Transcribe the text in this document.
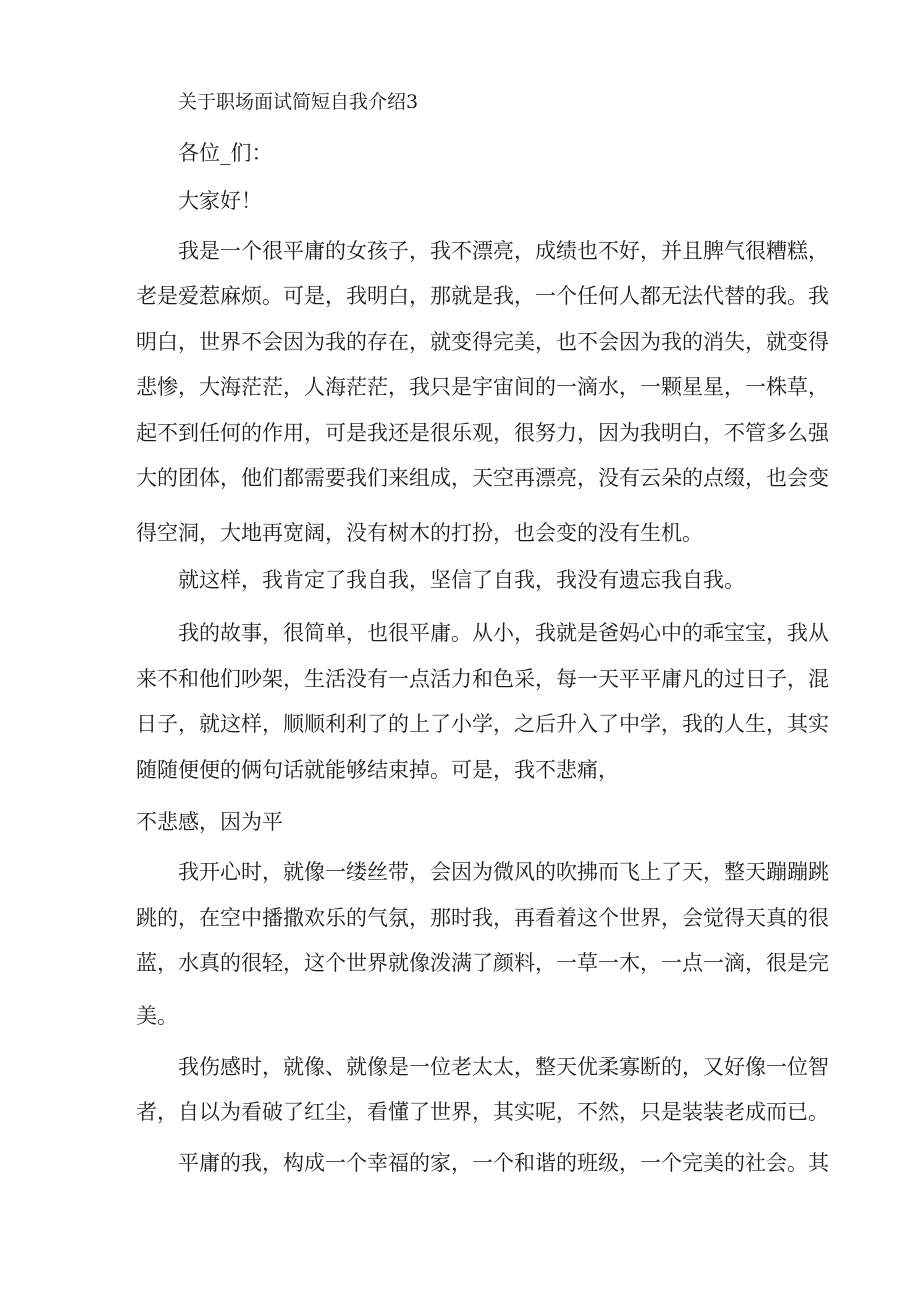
关于职场面试简短自我介绍3
各位_们：
大家好！
我是一个很平庸的女孩子，我不漂亮，成绩也不好，并且脾气很糟糕，
老是爱惹麻烦。可是，我明白，那就是我，一个任何人都无法代替的我。我
明白，世界不会因为我的存在，就变得完美，也不会因为我的消失，就变得
悲惨，大海茫茫，人海茫茫，我只是宇宙间的一滴水，一颗星星，一株草，
起不到任何的作用，可是我还是很乐观，很努力，因为我明白，不管多么强
大的团体，他们都需要我们来组成，天空再漂亮，没有云朵的点缀，也会变
得空洞，大地再宽阔，没有树木的打扮，也会变的没有生机。
就这样，我肯定了我自我，坚信了自我，我没有遗忘我自我。
我的故事，很简单，也很平庸。从小，我就是爸妈心中的乖宝宝，我从
来不和他们吵架，生活没有一点活力和色采，每一天平平庸凡的过日子，混
日子，就这样，顺顺利利了的上了小学，之后升入了中学，我的人生，其实
随随便便的俩句话就能够结束掉。可是，我不悲痛，
不悲感，因为平
我开心时，就像一缕丝带，会因为微风的吹拂而飞上了天，整天蹦蹦跳
跳的，在空中播撒欢乐的气氛，那时我，再看着这个世界，会觉得天真的很
蓝，水真的很轻，这个世界就像泼满了颜料，一草一木，一点一滴，很是完
美。
我伤感时，就像、就像是一位老太太，整天优柔寡断的，又好像一位智
者，自以为看破了红尘，看懂了世界，其实呢，不然，只是装装老成而已。
平庸的我，构成一个幸福的家，一个和谐的班级，一个完美的社会。其
